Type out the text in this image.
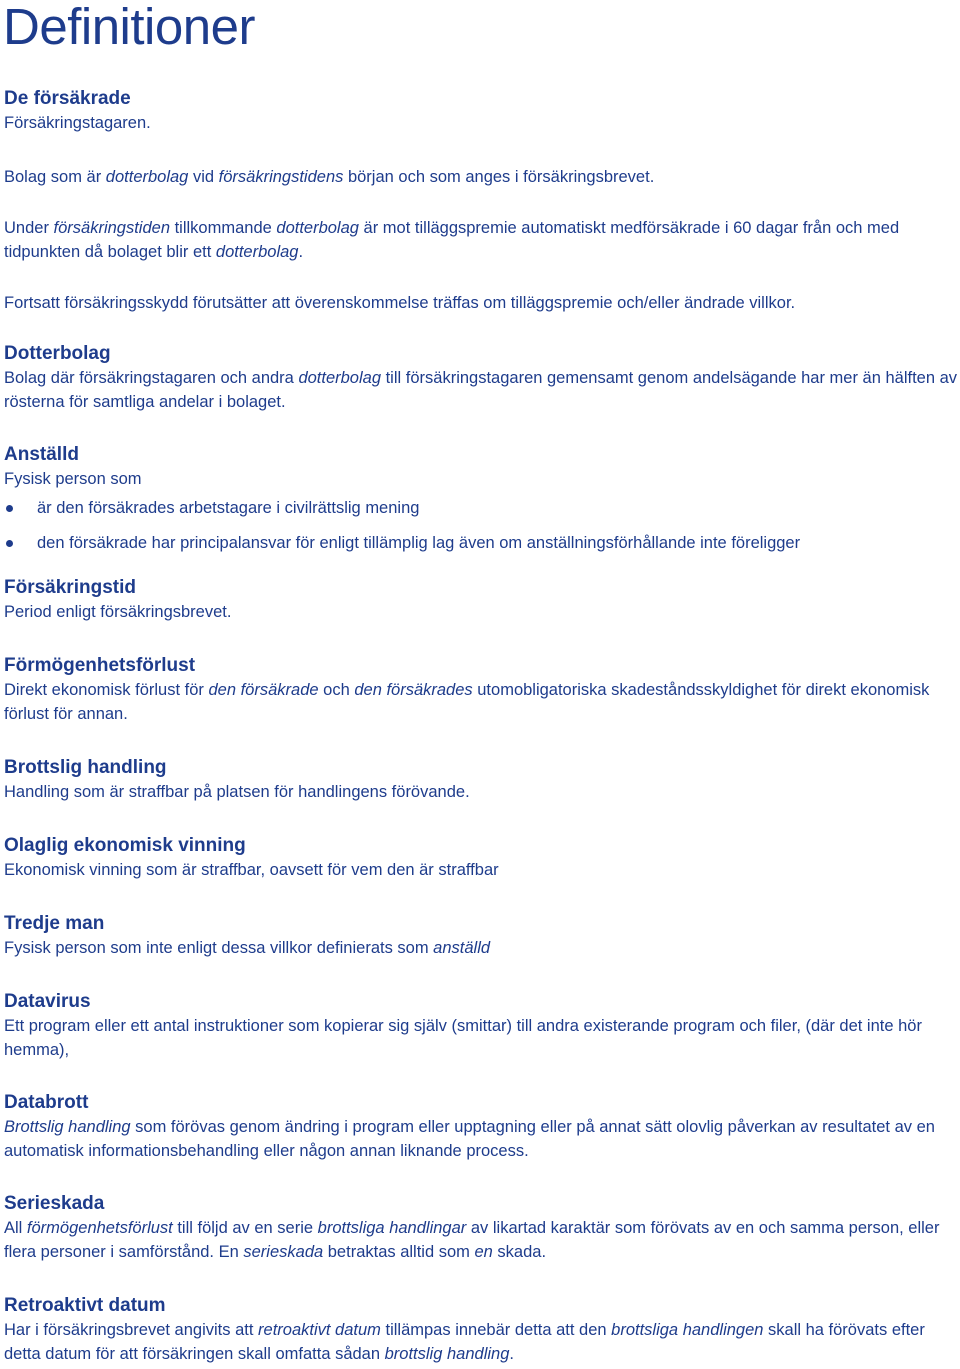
Definitioner
De försäkrade
Försäkringstagaren.
Bolag som är dotterbolag vid försäkringstidens början och som anges i försäkringsbrevet.
Under försäkringstiden tillkommande dotterbolag är mot tilläggspremie automatiskt medförsäkrade i 60 dagar från och med tidpunkten då bolaget blir ett dotterbolag.
Fortsatt försäkringsskydd förutsätter att överenskommelse träffas om tilläggspremie och/eller ändrade villkor.
Dotterbolag
Bolag där försäkringstagaren och andra dotterbolag till försäkringstagaren gemensamt genom andelsägande har mer än hälften av rösterna för samtliga andelar i bolaget.
Anställd
Fysisk person som
är den försäkrades arbetstagare i civilrättslig mening
den försäkrade har principalansvar för enligt tillämplig lag även om anställningsförhållande inte föreligger
Försäkringstid
Period enligt försäkringsbrevet.
Förmögenhetsförlust
Direkt ekonomisk förlust för den försäkrade och den försäkrades utomobligatoriska skadeståndsskyldighet för direkt ekonomisk förlust för annan.
Brottslig handling
Handling som är straffbar på platsen för handlingens förövande.
Olaglig ekonomisk vinning
Ekonomisk vinning som är straffbar, oavsett för vem den är straffbar
Tredje man
Fysisk person som inte enligt dessa villkor definierats som anställd
Datavirus
Ett program eller ett antal instruktioner som kopierar sig själv (smittar) till andra existerande program och filer, (där det inte hör hemma),
Databrott
Brottslig handling som förövas genom ändring i program eller upptagning eller på annat sätt olovlig påverkan av resultatet av en automatisk informationsbehandling eller någon annan liknande process.
Serieskada
All förmögenhetsförlust till följd av en serie brottsliga handlingar av likartad karaktär som förövats av en och samma person, eller flera personer i samförstånd. En serieskada betraktas alltid som en skada.
Retroaktivt datum
Har i försäkringsbrevet angivits att retroaktivt datum tillämpas innebär detta att den brottsliga handlingen skall ha förövats efter detta datum för att försäkringen skall omfatta sådan brottslig handling.
